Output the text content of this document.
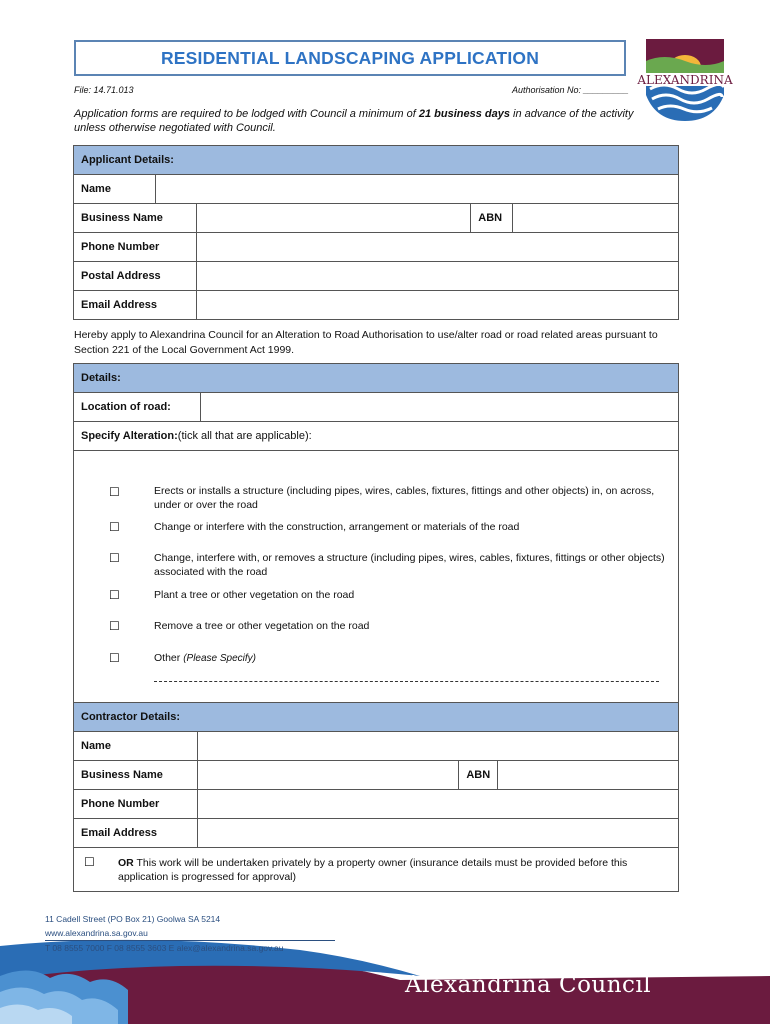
RESIDENTIAL LANDSCAPING APPLICATION
ALEXANDRINA
File: 14.71.013	Authorisation No: _________
Application forms are required to be lodged with Council a minimum of 21 business days in advance of the activity unless otherwise negotiated with Council.
Applicant Details:				
Name				
Business Name			ABN	
Phone Number				
Postal Address				
Email Address				
Hereby apply to Alexandrina Council for an Alteration to Road Authorisation to use/alter road or road related areas pursuant to Section 221 of the Local Government Act 1999.
Details:
Location of road:
Specify Alteration: (tick all that are applicable):
☐	Erects or installs a structure (including pipes, wires, cables, fixtures, fittings and other objects) in, on across, under or over the road
☐	Change or interfere with the construction, arrangement or materials of the road
☐	Change, interfere with, or removes a structure (including pipes, wires, cables, fixtures, fittings or other objects) associated with the road
☐	Plant a tree or other vegetation on the road
☐	Remove a tree or other vegetation on the road
☐	Other (Please Specify)
Contractor Details:			
Name			
Business Name		ABN	
Phone Number			
Email Address			

☐ OR This work will be undertaken privately by a property owner (insurance details must be provided before this application is progressed for approval)			
11 Cadell Street (PO Box 21) Goolwa SA 5214
www.alexandrina.sa.gov.au
T 08 8555 7000 F 08 8555 3603 E alex@alexandrina.sa.gov.au
Alexandrina Council
